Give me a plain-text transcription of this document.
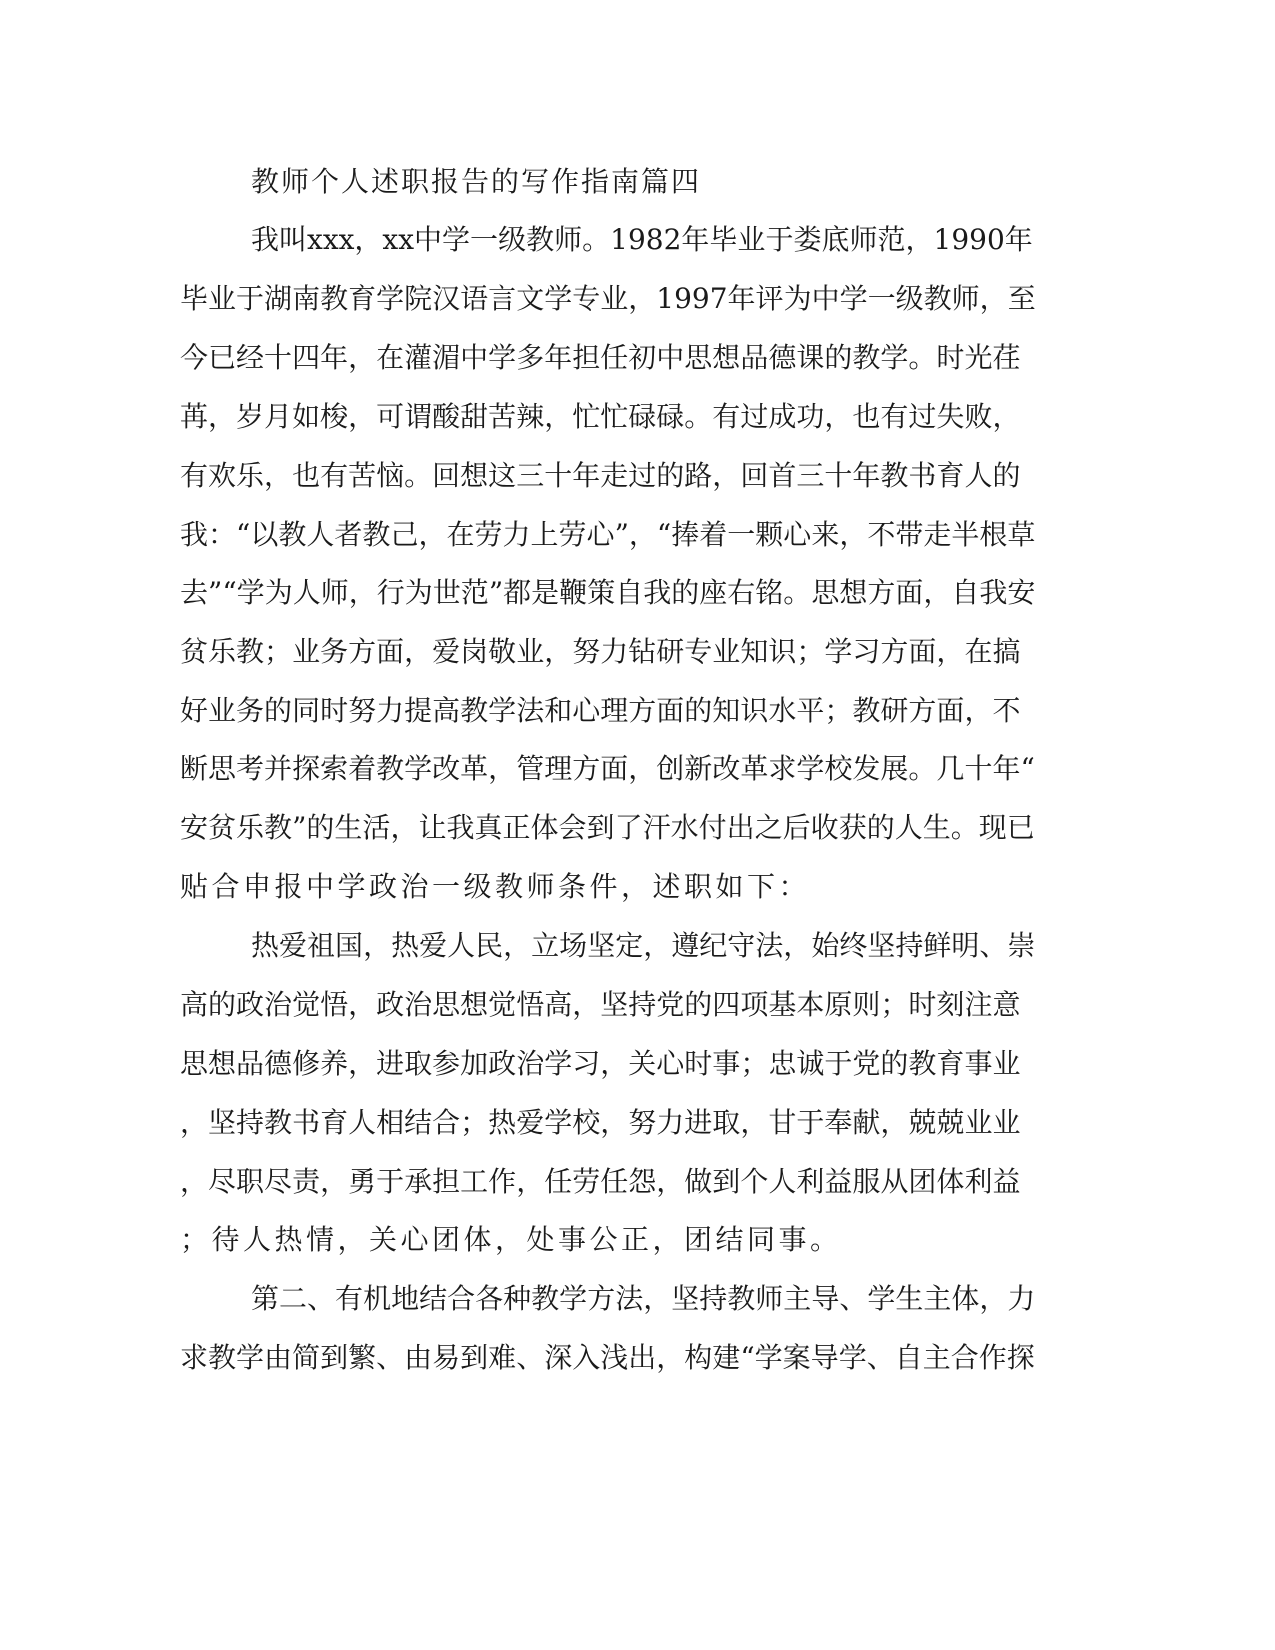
教师个人述职报告的写作指南篇四

我 叫 xxx ， xx 中 学 一 级 教 师 。 1982 年 毕 业 于 娄 底 师 范 ， 1990 年

毕 业 于 湖 南 教 育 学 院 汉 语 言 文 学 专 业 ， 1997 年 评 为 中 学 一 级 教 师 ， 至

今 已 经 十 四 年 ， 在 灌 湄 中 学 多 年 担 任 初 中 思 想 品 德 课 的 教 学 。 时 光 荏

苒 ， 岁 月 如 梭 ， 可 谓 酸 甜 苦 辣 ， 忙 忙 碌 碌 。 有 过 成 功 ， 也 有 过 失 败 ，

有 欢 乐 ， 也 有 苦 恼 。 回 想 这 三 十 年 走 过 的 路 ， 回 首 三 十 年 教 书 育 人 的

我 ： “ 以 教 人 者 教 己 ， 在 劳 力 上 劳 心 ” ， “ 捧 着 一 颗 心 来 ， 不 带 走 半 根 草

去 ” “ 学 为 人 师 ， 行 为 世 范 ” 都 是 鞭 策 自 我 的 座 右 铭 。 思 想 方 面 ， 自 我 安

贫 乐 教 ； 业 务 方 面 ， 爱 岗 敬 业 ， 努 力 钻 研 专 业 知 识 ； 学 习 方 面 ， 在 搞

好 业 务 的 同 时 努 力 提 高 教 学 法 和 心 理 方 面 的 知 识 水 平 ； 教 研 方 面 ， 不

断 思 考 并 探 索 着 教 学 改 革 ， 管 理 方 面 ， 创 新 改 革 求 学 校 发 展 。 几 十 年 “

安 贫 乐 教 ” 的 生 活 ， 让 我 真 正 体 会 到 了 汗 水 付 出 之 后 收 获 的 人 生 。 现 已

贴合申报中学政治一级教师条件，述职如下：

热 爱 祖 国 ， 热 爱 人 民 ， 立 场 坚 定 ， 遵 纪 守 法 ， 始 终 坚 持 鲜 明 、 崇

高 的 政 治 觉 悟 ， 政 治 思 想 觉 悟 高 ， 坚 持 党 的 四 项 基 本 原 则 ； 时 刻 注 意

思 想 品 德 修 养 ， 进 取 参 加 政 治 学 习 ， 关 心 时 事 ； 忠 诚 于 党 的 教 育 事 业

， 坚 持 教 书 育 人 相 结 合 ； 热 爱 学 校 ， 努 力 进 取 ， 甘 于 奉 献 ， 兢 兢 业 业

， 尽 职 尽 责 ， 勇 于 承 担 工 作 ， 任 劳 任 怨 ， 做 到 个 人 利 益 服 从 团 体 利 益

；待人热情，关心团体，处事公正，团结同事。

第 二 、 有 机 地 结 合 各 种 教 学 方 法 ， 坚 持 教 师 主 导 、 学 生 主 体 ， 力

求 教 学 由 简 到 繁 、 由 易 到 难 、 深 入 浅 出 ， 构 建 “ 学 案 导 学 、 自 主 合 作 探
